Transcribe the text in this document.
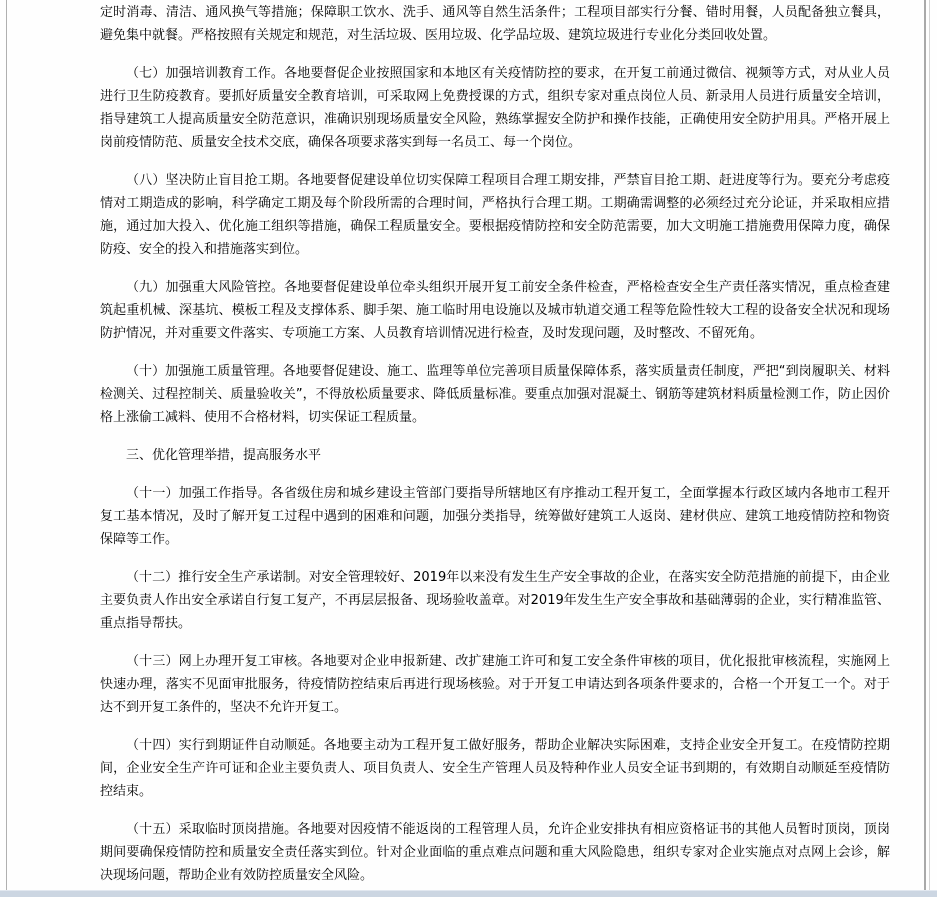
定时消毒、清洁、通风换气等措施；保障职工饮水、洗手、通风等自然生活条件；工程项目部实行分餐、错时用餐，人员配备独立餐具，避免集中就餐。严格按照有关规定和规范，对生活垃圾、医用垃圾、化学品垃圾、建筑垃圾进行专业化分类回收处置。

（七）加强培训教育工作。各地要督促企业按照国家和本地区有关疫情防控的要求，在开复工前通过微信、视频等方式，对从业人员进行卫生防疫教育。要抓好质量安全教育培训，可采取网上免费授课的方式，组织专家对重点岗位人员、新录用人员进行质量安全培训，指导建筑工人提高质量安全防范意识，准确识别现场质量安全风险，熟练掌握安全防护和操作技能，正确使用安全防护用具。严格开展上岗前疫情防范、质量安全技术交底，确保各项要求落实到每一名员工、每一个岗位。

（八）坚决防止盲目抢工期。各地要督促建设单位切实保障工程项目合理工期安排，严禁盲目抢工期、赶进度等行为。要充分考虑疫情对工期造成的影响，科学确定工期及每个阶段所需的合理时间，严格执行合理工期。工期确需调整的必须经过充分论证，并采取相应措施，通过加大投入、优化施工组织等措施，确保工程质量安全。要根据疫情防控和安全防范需要，加大文明施工措施费用保障力度，确保防疫、安全的投入和措施落实到位。

（九）加强重大风险管控。各地要督促建设单位牵头组织开展开复工前安全条件检查，严格检查安全生产责任落实情况，重点检查建筑起重机械、深基坑、模板工程及支撑体系、脚手架、施工临时用电设施以及城市轨道交通工程等危险性较大工程的设备安全状况和现场防护情况，并对重要文件落实、专项施工方案、人员教育培训情况进行检查，及时发现问题，及时整改、不留死角。

（十）加强施工质量管理。各地要督促建设、施工、监理等单位完善项目质量保障体系，落实质量责任制度，严把“到岗履职关、材料检测关、过程控制关、质量验收关”，不得放松质量要求、降低质量标准。要重点加强对混凝土、钢筋等建筑材料质量检测工作，防止因价格上涨偷工减料、使用不合格材料，切实保证工程质量。

三、优化管理举措，提高服务水平

（十一）加强工作指导。各省级住房和城乡建设主管部门要指导所辖地区有序推动工程开复工，全面掌握本行政区域内各地市工程开复工基本情况，及时了解开复工过程中遇到的困难和问题，加强分类指导，统筹做好建筑工人返岗、建材供应、建筑工地疫情防控和物资保障等工作。

（十二）推行安全生产承诺制。对安全管理较好、2019年以来没有发生生产安全事故的企业，在落实安全防范措施的前提下，由企业主要负责人作出安全承诺自行复工复产，不再层层报备、现场验收盖章。对2019年发生生产安全事故和基础薄弱的企业，实行精准监管、重点指导帮扶。

（十三）网上办理开复工审核。各地要对企业申报新建、改扩建施工许可和复工安全条件审核的项目，优化报批审核流程，实施网上快速办理，落实不见面审批服务，待疫情防控结束后再进行现场核验。对于开复工申请达到各项条件要求的，合格一个开复工一个。对于达不到开复工条件的，坚决不允许开复工。

（十四）实行到期证件自动顺延。各地要主动为工程开复工做好服务，帮助企业解决实际困难，支持企业安全开复工。在疫情防控期间，企业安全生产许可证和企业主要负责人、项目负责人、安全生产管理人员及特种作业人员安全证书到期的，有效期自动顺延至疫情防控结束。

（十五）采取临时顶岗措施。各地要对因疫情不能返岗的工程管理人员，允许企业安排执有相应资格证书的其他人员暂时顶岗，顶岗期间要确保疫情防控和质量安全责任落实到位。针对企业面临的重点难点问题和重大风险隐患，组织专家对企业实施点对点网上会诊，解决现场问题，帮助企业有效防控质量安全风险。
